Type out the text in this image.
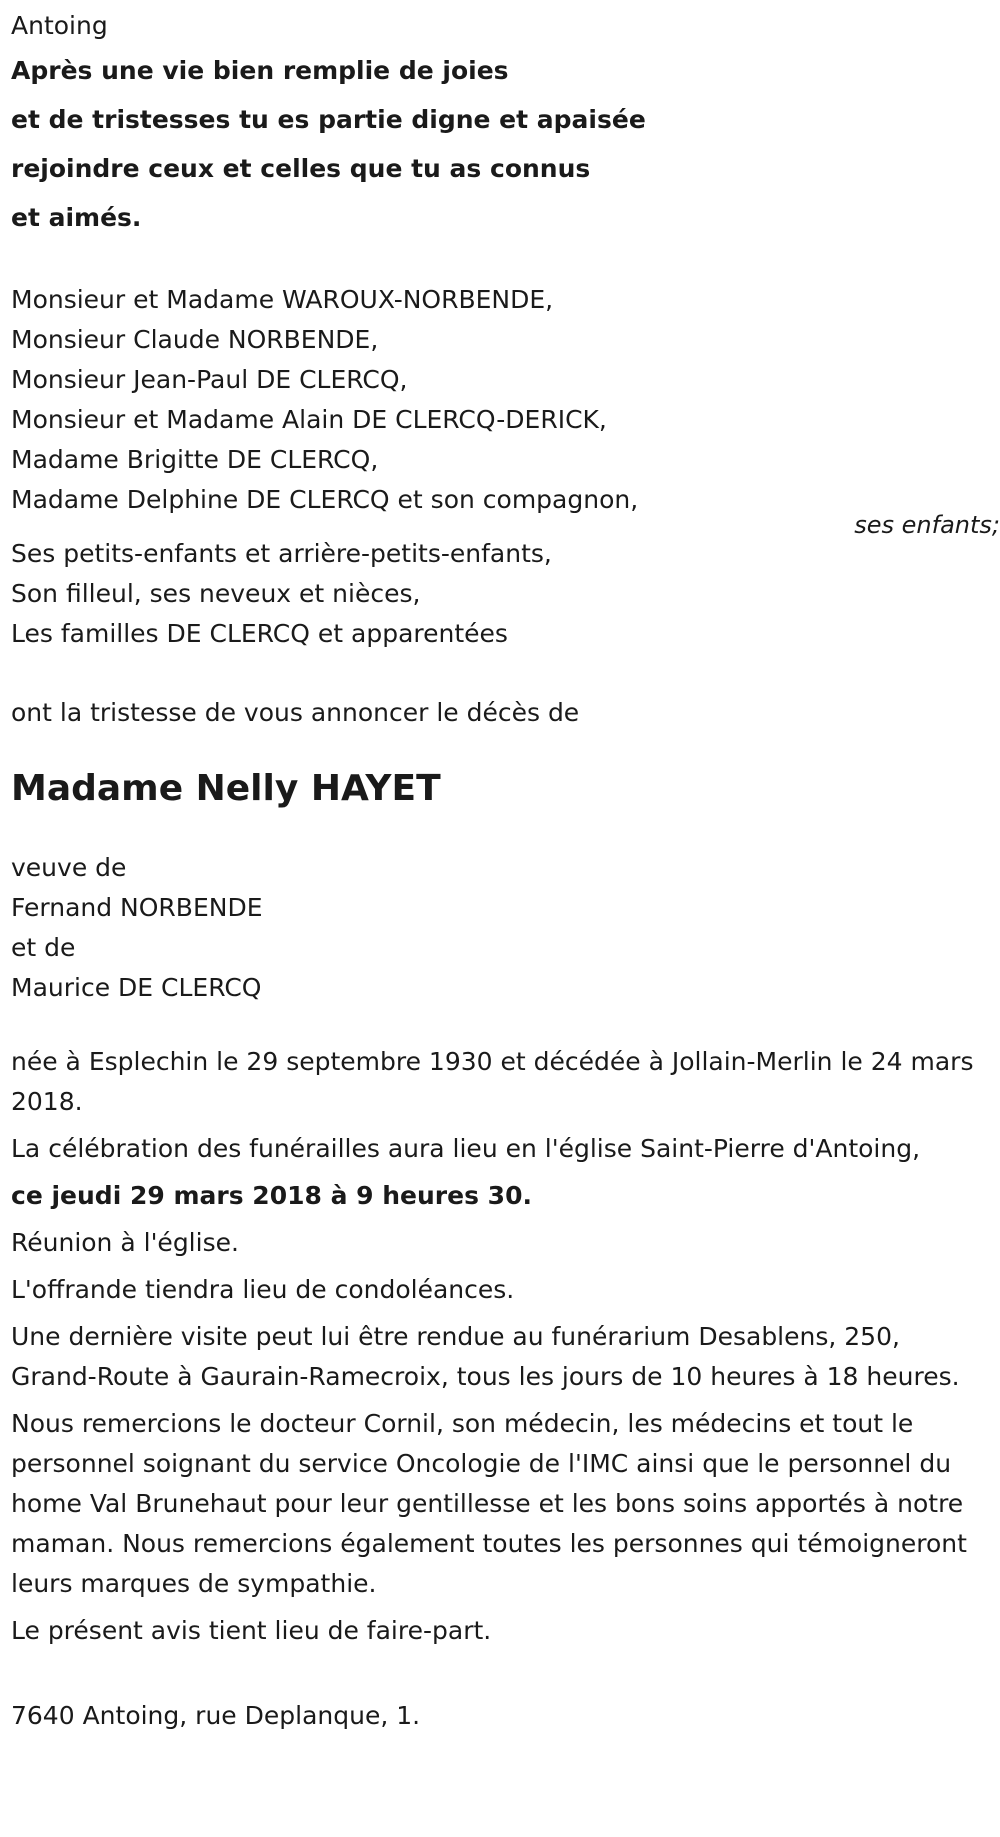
Antoing

Après une vie bien remplie de joies
et de tristesses tu es partie digne et apaisée
rejoindre ceux et celles que tu as connus
et aimés.
Monsieur et Madame WAROUX-NORBENDE,
Monsieur Claude NORBENDE,
Monsieur Jean-Paul DE CLERCQ,
Monsieur et Madame Alain DE CLERCQ-DERICK,
Madame Brigitte DE CLERCQ,
Madame Delphine DE CLERCQ et son compagnon,
Ses petits-enfants et arrière-petits-enfants,
Son filleul, ses neveux et nièces,
Les familles DE CLERCQ et apparentées

ont la tristesse de vous annoncer le décès de

Madame Nelly HAYET
veuve de
Fernand NORBENDE
et de
Maurice DE CLERCQ

née à Esplechin le 29 septembre 1930 et décédée à Jollain-Merlin le 24 mars 2018.

La célébration des funérailles aura lieu en l'église Saint-Pierre d'Antoing,

ce jeudi 29 mars 2018 à 9 heures 30.

Réunion à l'église.

L'offrande tiendra lieu de condoléances.

Une dernière visite peut lui être rendue au funérarium Desablens, 250, Grand-Route à Gaurain-Ramecroix, tous les jours de 10 heures à 18 heures.

Nous remercions le docteur Cornil, son médecin, les médecins et tout le personnel soignant du service Oncologie de l'IMC ainsi que le personnel du home Val Brunehaut pour leur gentillesse et les bons soins apportés à notre maman. Nous remercions également toutes les personnes qui témoigneront leurs marques de sympathie.

Le présent avis tient lieu de faire-part.

7640 Antoing, rue Deplanque, 1.

ses enfants;
